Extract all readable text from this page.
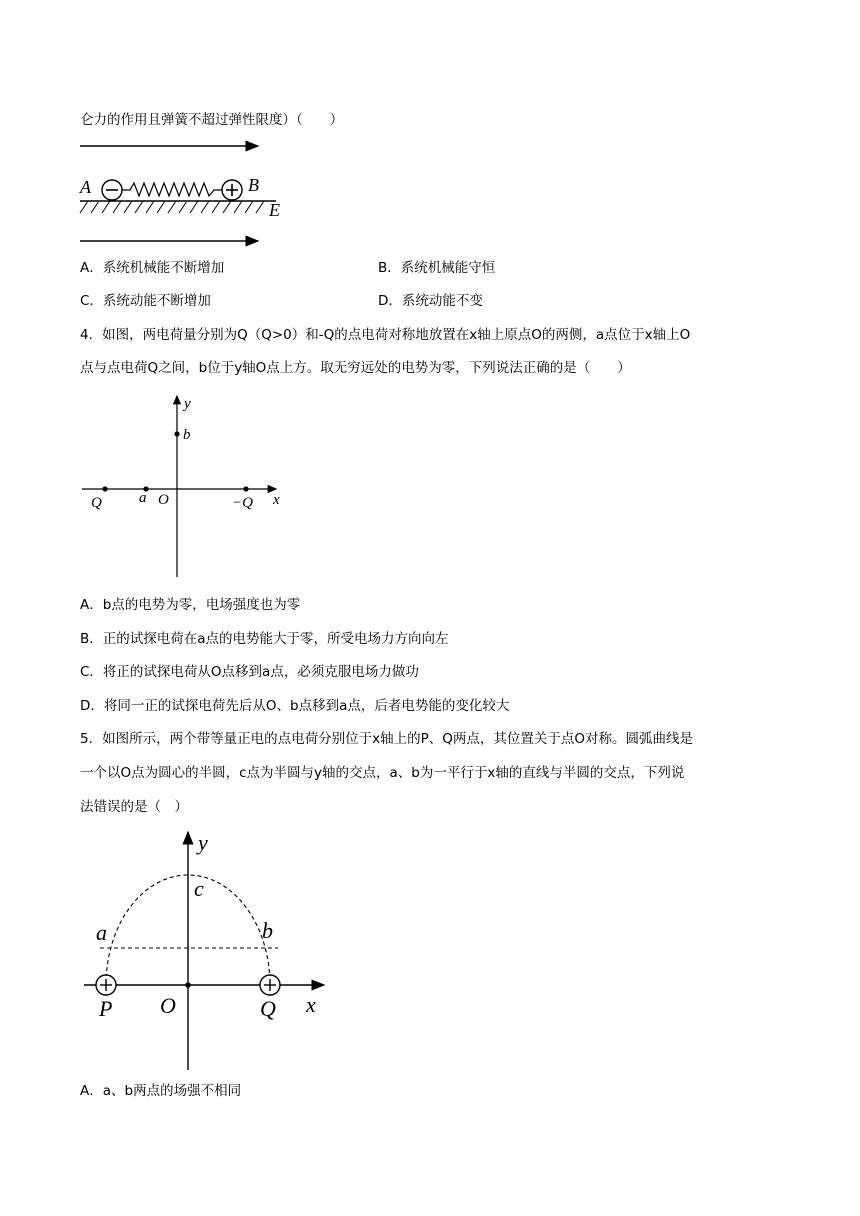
仑力的作用且弹簧不超过弹性限度）（　　）
A	B
E
A．系统机械能不断增加	B．系统机械能守恒
C．系统动能不断增加	D．系统动能不变
4．如图，两电荷量分别为Q（Q>0）和-Q的点电荷对称地放置在x轴上原点O的两侧，a点位于x轴上O
点与点电荷Q之间，b位于y轴O点上方。取无穷远处的电势为零，下列说法正确的是（　　）
y
b
Q a O	−Q x
A．b点的电势为零，电场强度也为零
B．正的试探电荷在a点的电势能大于零，所受电场力方向向左
C．将正的试探电荷从O点移到a点，必须克服电场力做功
D．将同一正的试探电荷先后从O、b点移到a点，后者电势能的变化较大
5．如图所示，两个带等量正电的点电荷分别位于x轴上的P、Q两点，其位置关于点O对称。圆弧曲线是
一个以O点为圆心的半圆，c点为半圆与y轴的交点，a、b为一平行于x轴的直线与半圆的交点，下列说
法错误的是（　）
y
c
a	b
P O	Q x
A．a、b两点的场强不相同
